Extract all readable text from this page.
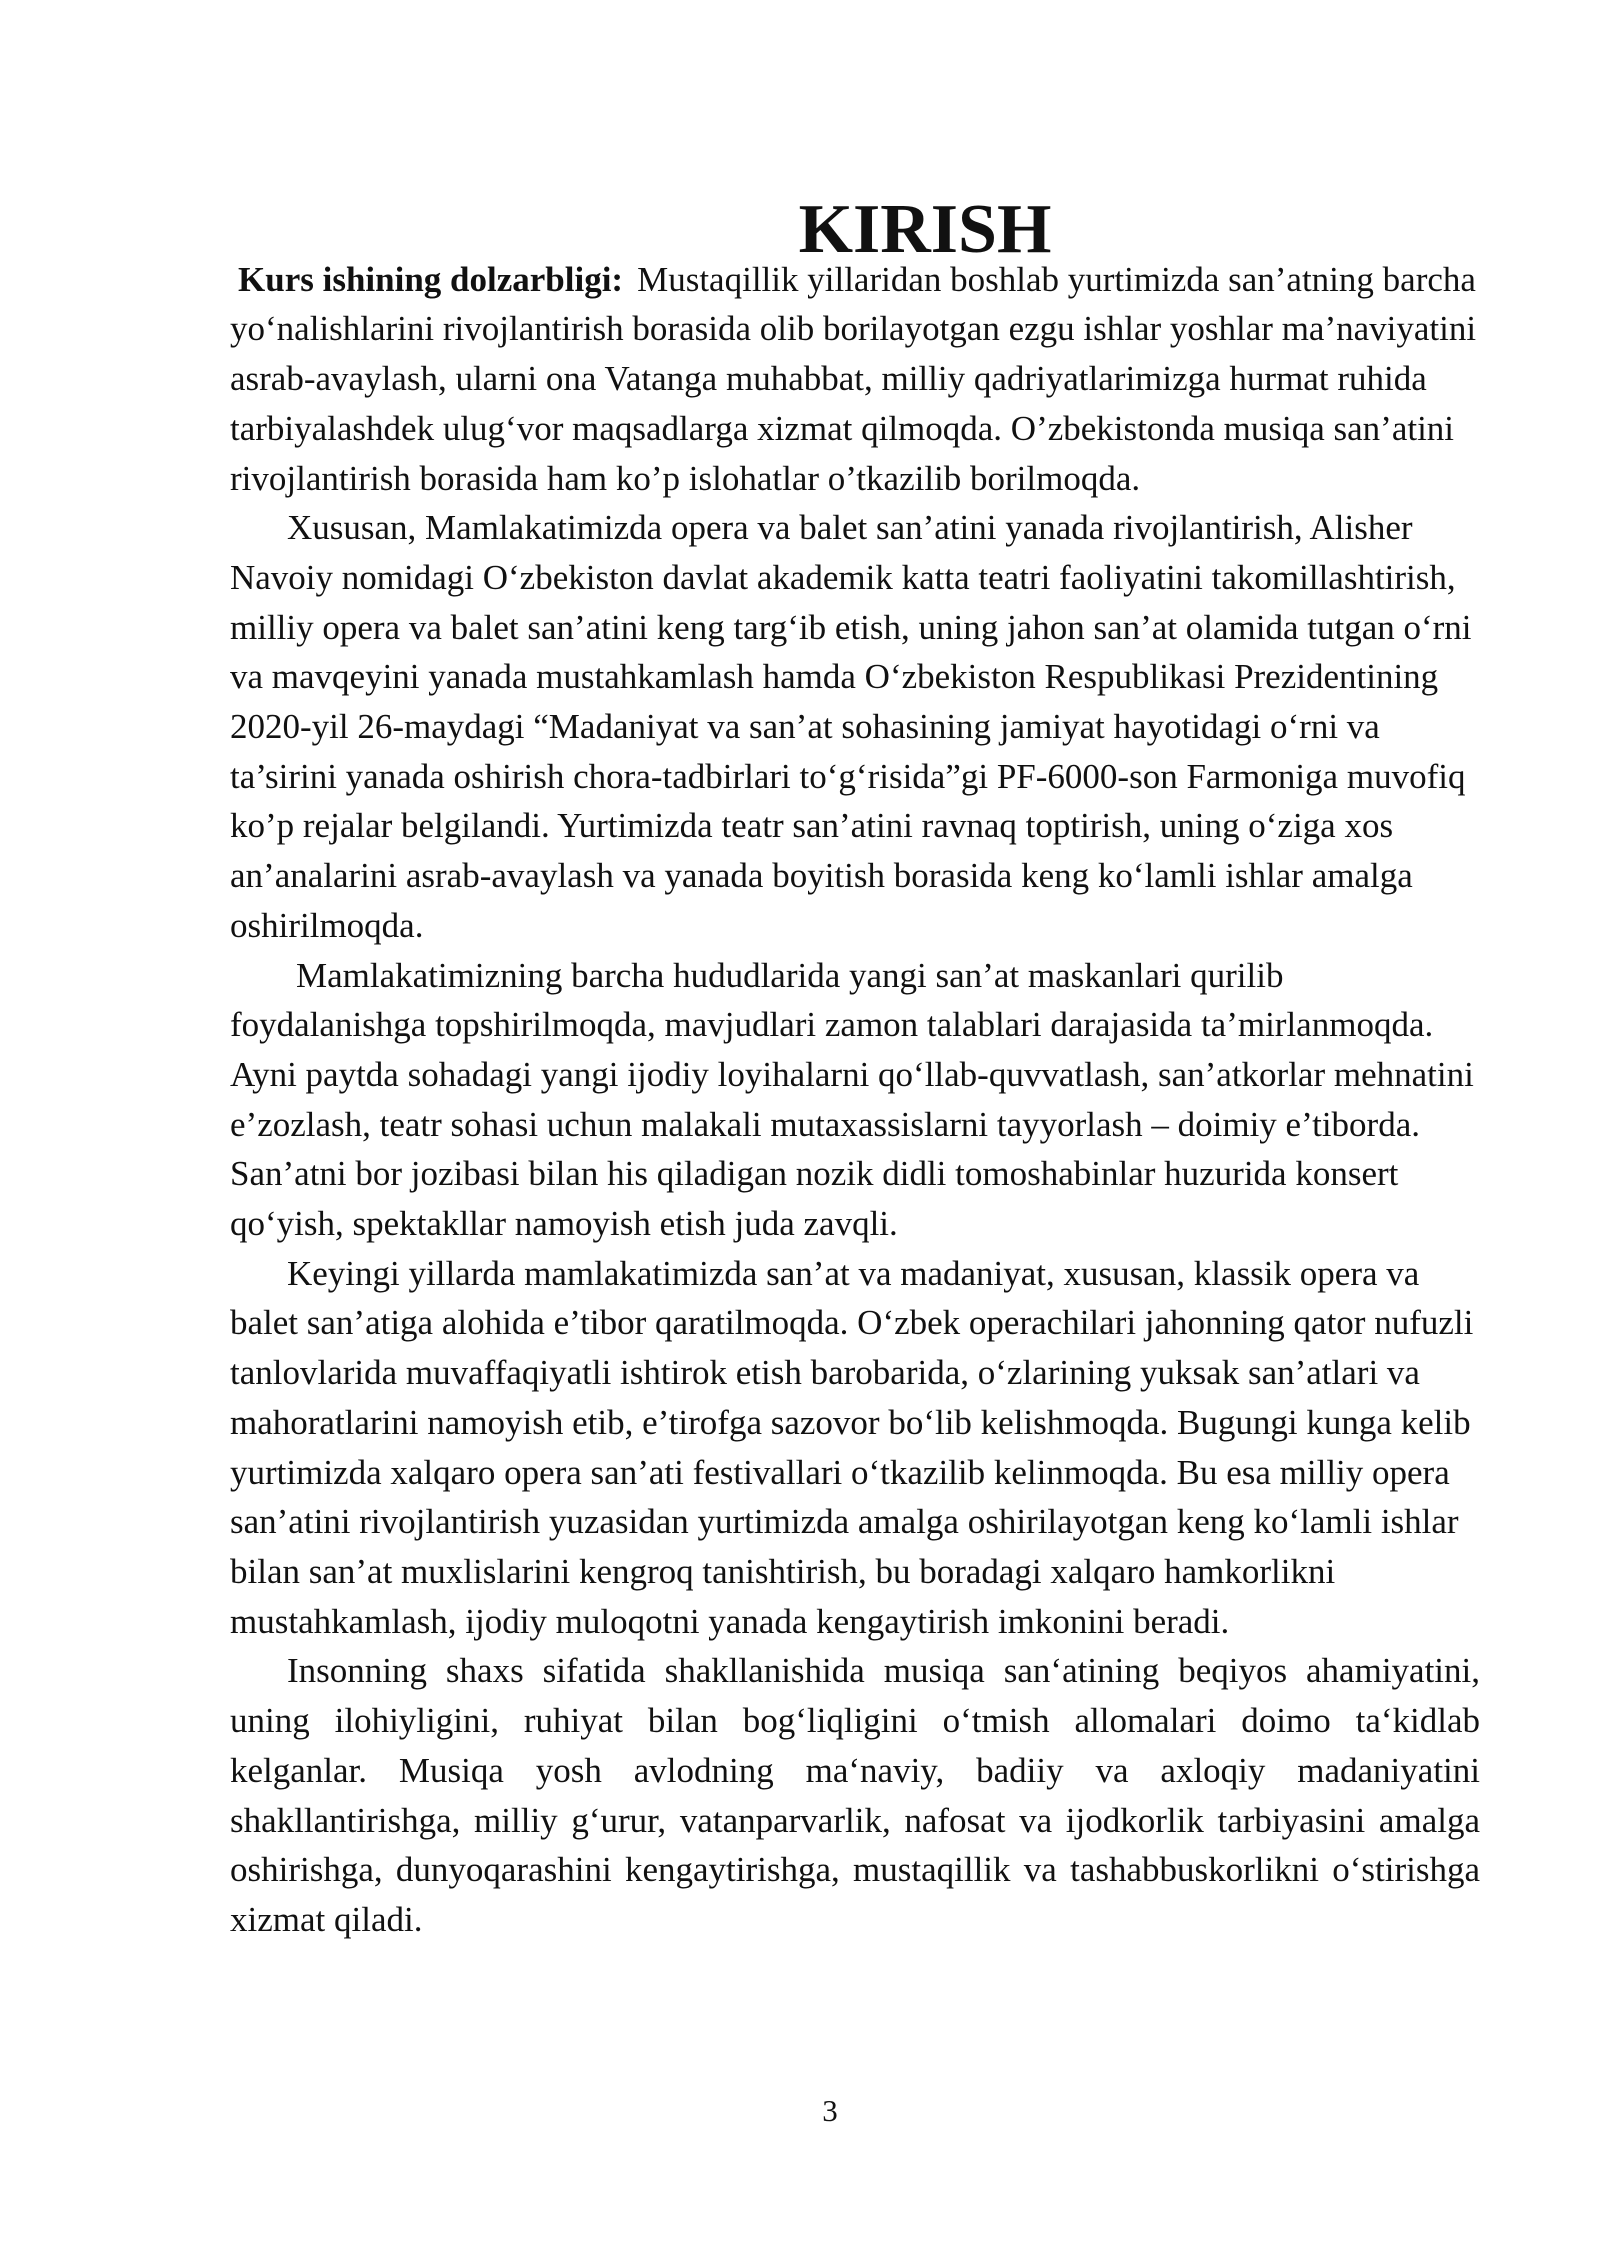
KIRISH

Kurs ishining dolzarbligi: Mustaqillik yillaridan boshlab yurtimizda san’atning barcha yo‘nalishlarini rivojlantirish borasida olib borilayotgan ezgu ishlar yoshlar ma’naviyatini asrab-avaylash, ularni ona Vatanga muhabbat, milliy qadriyatlarimizga hurmat ruhida tarbiyalashdek ulug‘vor maqsadlarga xizmat qilmoqda. O’zbekistonda musiqa san’atini rivojlantirish borasida ham ko’p islohatlar o’tkazilib borilmoqda.

Xususan, Mamlakatimizda opera va balet san’atini yanada rivojlantirish, Alisher Navoiy nomidagi O‘zbekiston davlat akademik katta teatri faoliyatini takomillashtirish, milliy opera va balet san’atini keng targ‘ib etish, uning jahon san’at olamida tutgan o‘rni va mavqeyini yanada mustahkamlash hamda O‘zbekiston Respublikasi Prezidentining 2020-yil 26-maydagi “Madaniyat va san’at sohasining jamiyat hayotidagi o‘rni va ta’sirini yanada oshirish chora-tadbirlari to‘g‘risida”gi PF-6000-son Farmoniga muvofiq ko’p rejalar belgilandi. Yurtimizda teatr san’atini ravnaq toptirish, uning o‘ziga xos an’analarini asrab-avaylash va yanada boyitish borasida keng ko‘lamli ishlar amalga oshirilmoqda.

Mamlakatimizning barcha hududlarida yangi san’at maskanlari qurilib foydalanishga topshirilmoqda, mavjudlari zamon talablari darajasida ta’mirlanmoqda. Ayni paytda sohadagi yangi ijodiy loyihalarni qo‘llab-quvvatlash, san’atkorlar mehnatini e’zozlash, teatr sohasi uchun malakali mutaxassislarni tayyorlash – doimiy e’tiborda. San’atni bor jozibasi bilan his qiladigan nozik didli tomoshabinlar huzurida konsert qo‘yish, spektakllar namoyish etish juda zavqli.

Keyingi yillarda mamlakatimizda san’at va madaniyat, xususan, klassik opera va balet san’atiga alohida e’tibor qaratilmoqda. O‘zbek operachilari jahonning qator nufuzli tanlovlarida muvaffaqiyatli ishtirok etish barobarida, o‘zlarining yuksak san’atlari va mahoratlarini namoyish etib, e’tirofga sazovor bo‘lib kelishmoqda. Bugungi kunga kelib yurtimizda xalqaro opera san’ati festivallari o‘tkazilib kelinmoqda. Bu esa milliy opera san’atini rivojlantirish yuzasidan yurtimizda amalga oshirilayotgan keng ko‘lamli ishlar bilan san’at muxlislarini kengroq tanishtirish, bu boradagi xalqaro hamkorlikni mustahkamlash, ijodiy muloqotni yanada kengaytirish imkonini beradi.

Insonning shaxs sifatida shakllanishida musiqa san‘atining beqiyos ahamiyatini, uning ilohiyligini, ruhiyat bilan bog‘liqligini o‘tmish allomalari doimo ta‘kidlab kelganlar. Musiqa yosh avlodning ma‘naviy, badiiy va axloqiy madaniyatini shakllantirishga, milliy g‘urur, vatanparvarlik, nafosat va ijodkorlik tarbiyasini amalga oshirishga, dunyoqarashini kengaytirishga, mustaqillik va tashabbuskorlikni o‘stirishga xizmat qiladi.

3
